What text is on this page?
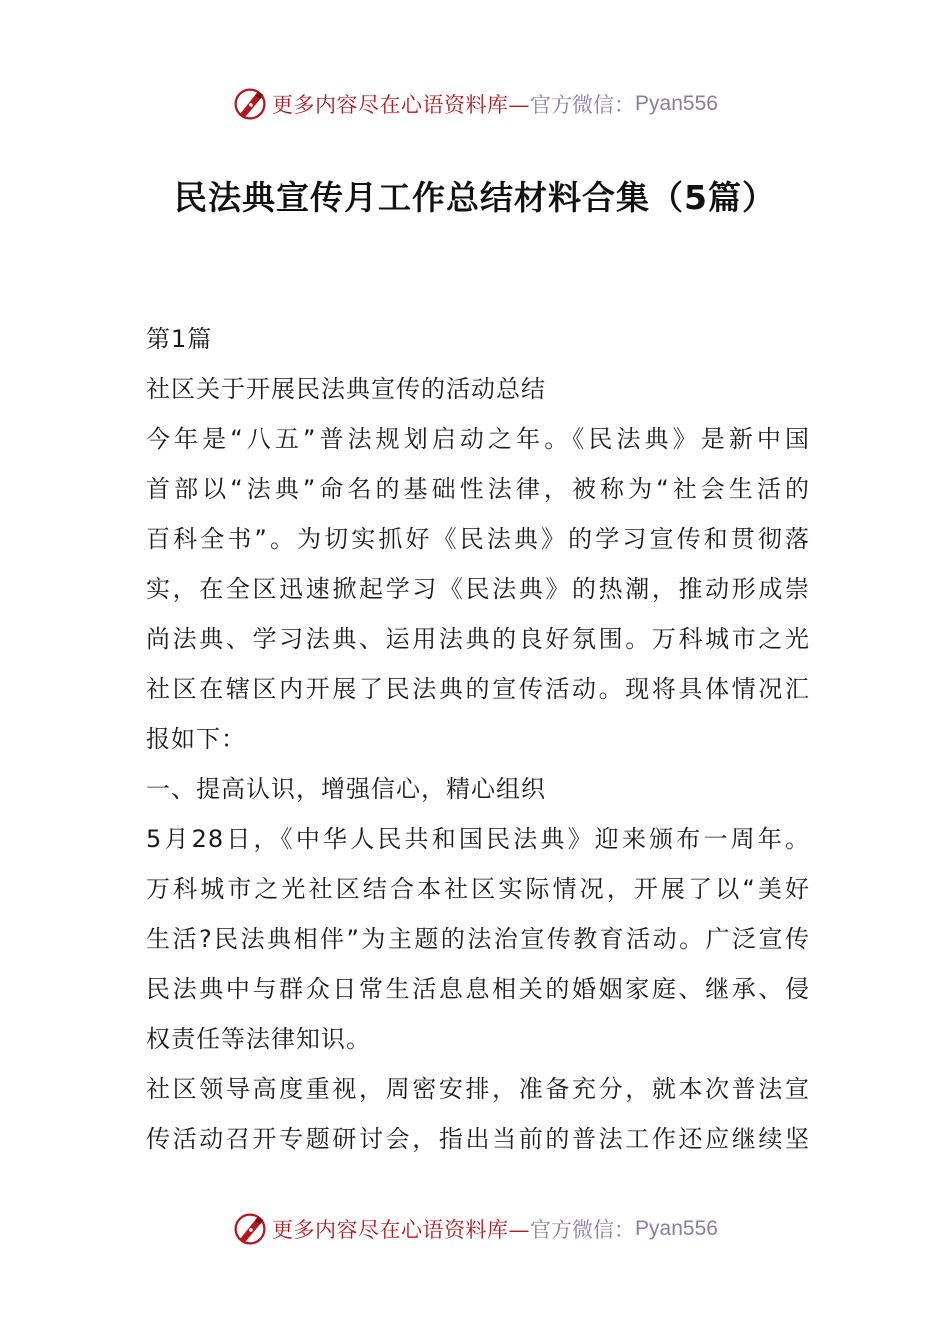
更多内容尽在心语资料库— 官方微信： Pyan556
民法典宣传月工作总结材料合集（5篇）
第1篇
社区关于开展民法典宣传的活动总结
今年是“八五”普法规划启动之年。《民法典》是新中国
首部以“法典”命名的基础性法律，被称为“社会生活的
百科全书”。为切实抓好《民法典》的学习宣传和贯彻落
实，在全区迅速掀起学习《民法典》的热潮，推动形成崇
尚法典、学习法典、运用法典的良好氛围。万科城市之光
社区在辖区内开展了民法典的宣传活动。现将具体情况汇
报如下：
一、提高认识，增强信心，精心组织
5月28日，《中华人民共和国民法典》迎来颁布一周年。
万科城市之光社区结合本社区实际情况，开展了以“美好
生活?民法典相伴”为主题的法治宣传教育活动。广泛宣传
民法典中与群众日常生活息息相关的婚姻家庭、继承、侵
权责任等法律知识。
社区领导高度重视，周密安排，准备充分，就本次普法宣
传活动召开专题研讨会，指出当前的普法工作还应继续坚
更多内容尽在心语资料库— 官方微信： Pyan556
